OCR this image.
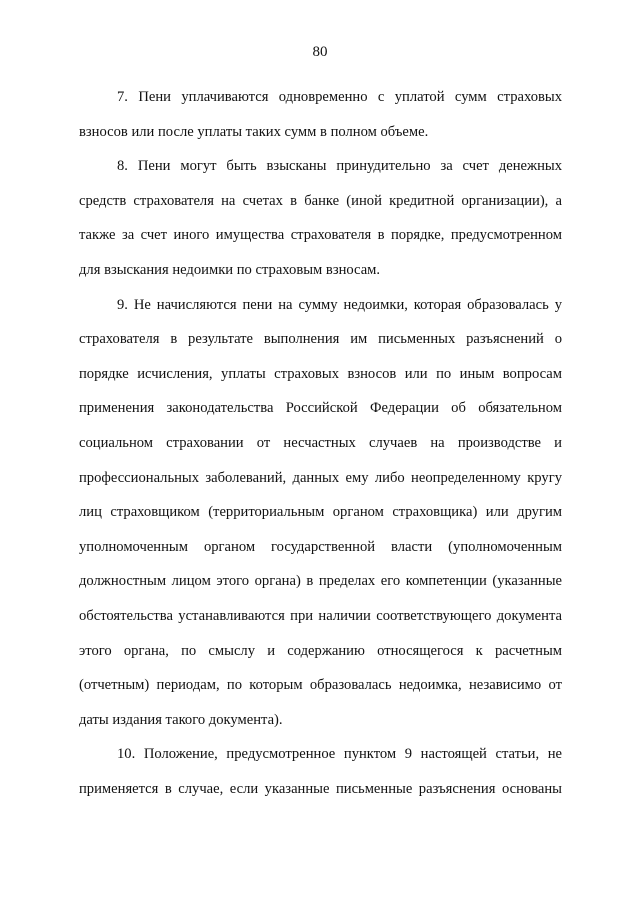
80

7. Пени уплачиваются одновременно с уплатой сумм страховых взносов или после уплаты таких сумм в полном объеме.

8. Пени могут быть взысканы принудительно за счет денежных средств страхователя на счетах в банке (иной кредитной организации), а также за счет иного имущества страхователя в порядке, предусмотренном для взыскания недоимки по страховым взносам.

9. Не начисляются пени на сумму недоимки, которая образовалась у страхователя в результате выполнения им письменных разъяснений о порядке исчисления, уплаты страховых взносов или по иным вопросам применения законодательства Российской Федерации об обязательном социальном страховании от несчастных случаев на производстве и профессиональных заболеваний, данных ему либо неопределенному кругу лиц страховщиком (территориальным органом страховщика) или другим уполномоченным органом государственной власти (уполномоченным должностным лицом этого органа) в пределах его компетенции (указанные обстоятельства устанавливаются при наличии соответствующего документа этого органа, по смыслу и содержанию относящегося к расчетным (отчетным) периодам, по которым образовалась недоимка, независимо от даты издания такого документа).

10. Положение, предусмотренное пунктом 9 настоящей статьи, не применяется в случае, если указанные письменные разъяснения основаны
